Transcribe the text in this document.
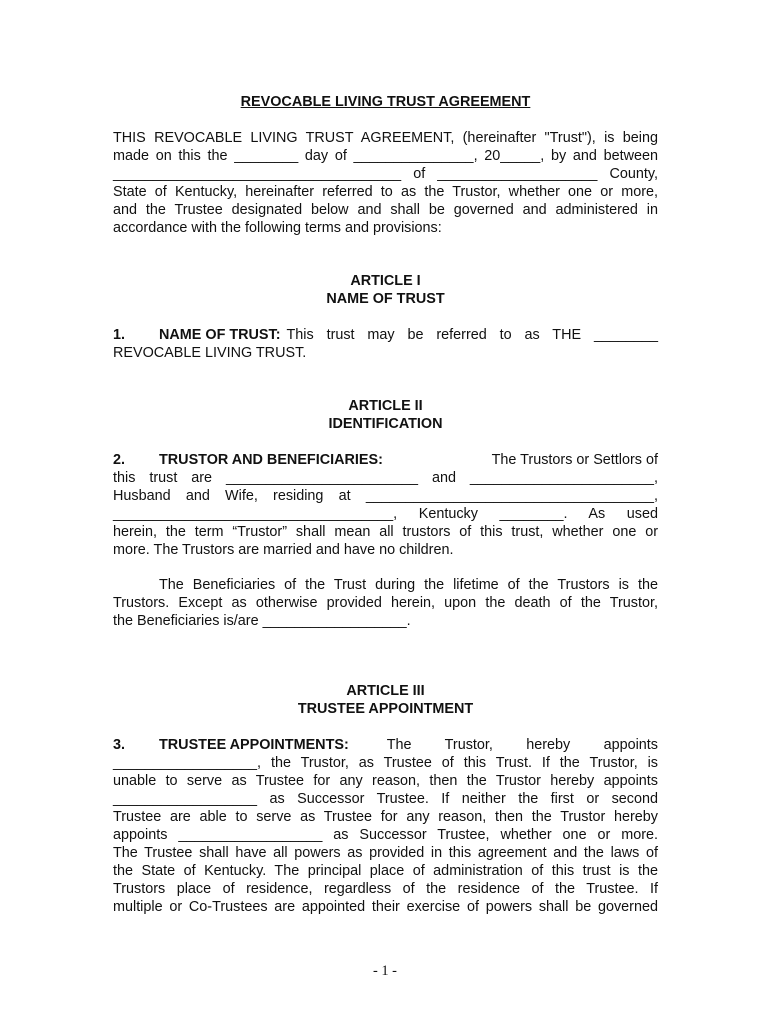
REVOCABLE LIVING TRUST AGREEMENT
THIS REVOCABLE LIVING TRUST AGREEMENT, (hereinafter "Trust"), is being
made on this the ________ day of _______________, 20_____, by and between
____________________________________ of ____________________ County,
State of Kentucky, hereinafter referred to as the Trustor, whether one or more,
and the Trustee designated below and shall be governed and administered in
accordance with the following terms and provisions:
ARTICLE I
NAME OF TRUST
1. NAME OF TRUST: This trust may be referred to as THE ________
REVOCABLE LIVING TRUST.
ARTICLE II
IDENTIFICATION
2. TRUSTOR AND BENEFICIARIES:	The Trustors or Settlors of
this trust are ________________________ and _______________________,
Husband and Wife, residing at ____________________________________,
___________________________________, Kentucky ________. As used
herein, the term “Trustor” shall mean all trustors of this trust, whether one or
more. The Trustors are married and have no children.
The Beneficiaries of the Trust during the lifetime of the Trustors is the
Trustors. Except as otherwise provided herein, upon the death of the Trustor,
the Beneficiaries is/are __________________.
ARTICLE III
TRUSTEE APPOINTMENT
3. TRUSTEE APPOINTMENTS:	The Trustor, hereby appoints
__________________, the Trustor, as Trustee of this Trust. If the Trustor, is
unable to serve as Trustee for any reason, then the Trustor hereby appoints
__________________ as Successor Trustee. If neither the first or second
Trustee are able to serve as Trustee for any reason, then the Trustor hereby
appoints __________________ as Successor Trustee, whether one or more.
The Trustee shall have all powers as provided in this agreement and the laws of
the State of Kentucky. The principal place of administration of this trust is the
Trustors place of residence, regardless of the residence of the Trustee. If
multiple or Co-Trustees are appointed their exercise of powers shall be governed
- 1 -
